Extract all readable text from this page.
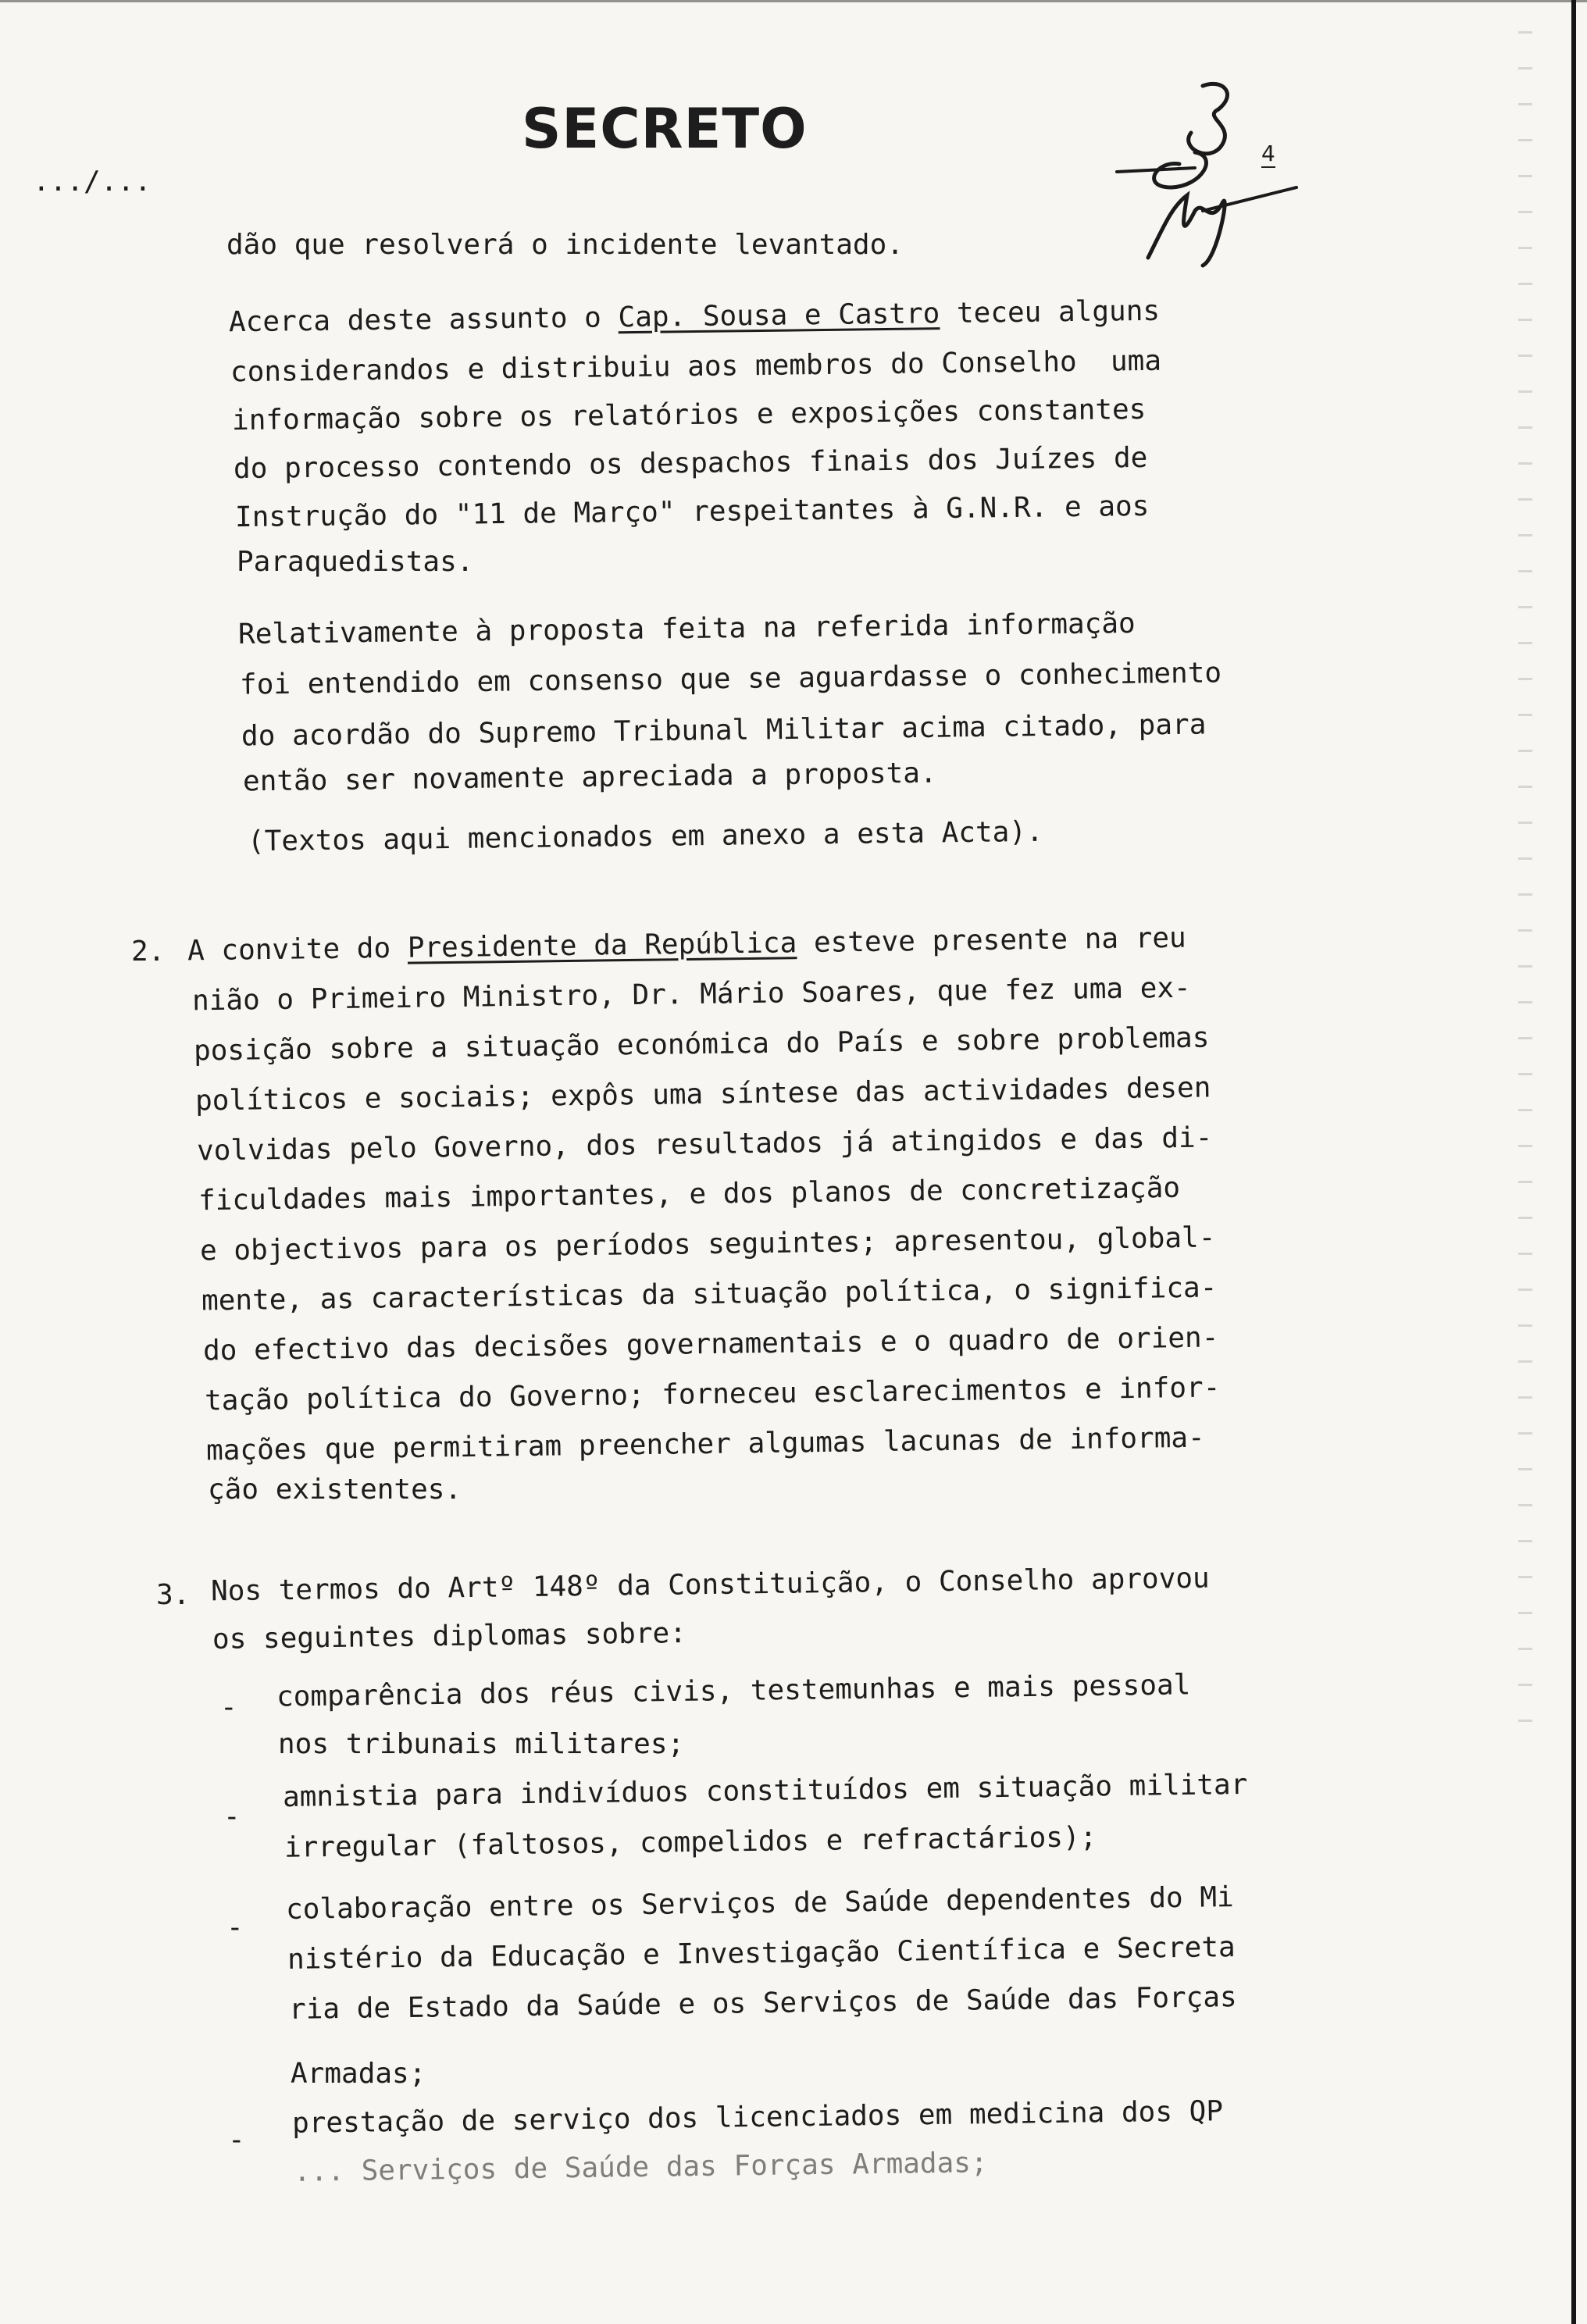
SECRETO
.../...
4
dão que resolverá o incidente levantado.
Acerca deste assunto o Cap. Sousa e Castro teceu alguns
considerandos e distribuiu aos membros do Conselho  uma
informação sobre os relatórios e exposições constantes
do processo contendo os despachos finais dos Juízes de
Instrução do "11 de Março" respeitantes à G.N.R. e aos
Paraquedistas.
Relativamente à proposta feita na referida informação
foi entendido em consenso que se aguardasse o conhecimento
do acordão do Supremo Tribunal Militar acima citado, para
então ser novamente apreciada a proposta.
(Textos aqui mencionados em anexo a esta Acta).
2. A convite do Presidente da República esteve presente na reu
nião o Primeiro Ministro, Dr. Mário Soares, que fez uma ex-
posição sobre a situação económica do País e sobre problemas
políticos e sociais; expôs uma síntese das actividades desen
volvidas pelo Governo, dos resultados já atingidos e das di-
ficuldades mais importantes, e dos planos de concretização
e objectivos para os períodos seguintes; apresentou, global-
mente, as características da situação política, o significa-
do efectivo das decisões governamentais e o quadro de orien-
tação política do Governo; forneceu esclarecimentos e infor-
mações que permitiram preencher algumas lacunas de informa-
ção existentes.
3. Nos termos do Artº 148º da Constituição, o Conselho aprovou
os seguintes diplomas sobre:
- comparência dos réus civis, testemunhas e mais pessoal
nos tribunais militares;
-
amnistia para indivíduos constituídos em situação militar
irregular (faltosos, compelidos e refractários);
-
colaboração entre os Serviços de Saúde dependentes do Mi
nistério da Educação e Investigação Científica e Secreta
ria de Estado da Saúde e os Serviços de Saúde das Forças
Armadas;
-
prestação de serviço dos licenciados em medicina dos QP
... Serviços de Saúde das Forças Armadas;
